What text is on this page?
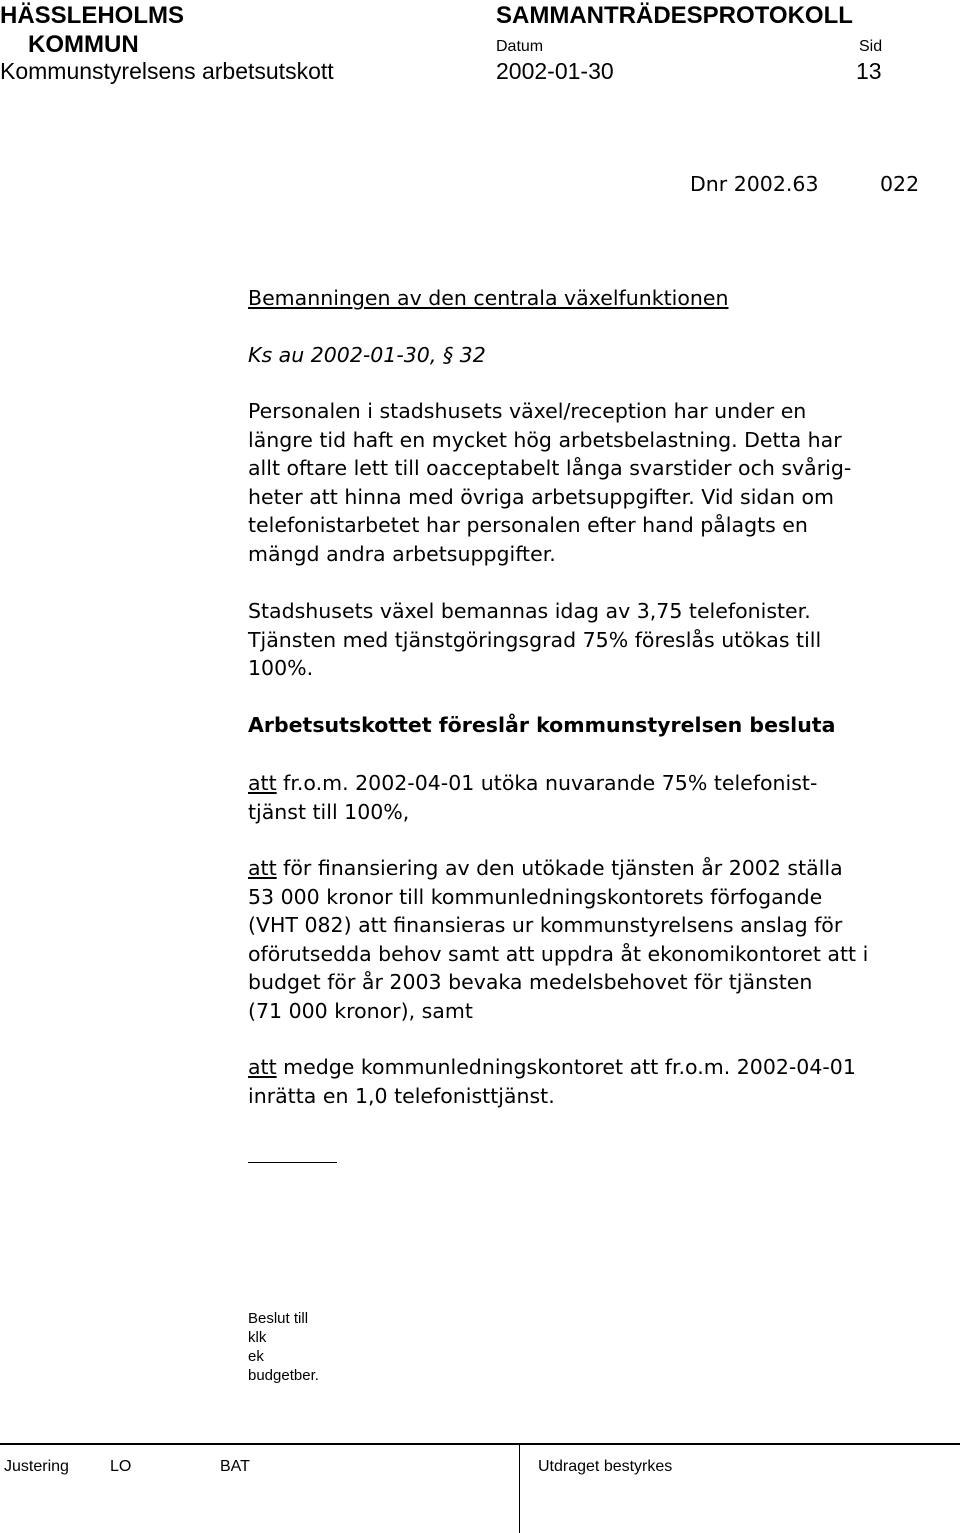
HÄSSLEHOLMS
KOMMUN
SAMMANTRÄDESPROTOKOLL
Datum	Sid
Kommunstyrelsens arbetsutskott	2002-01-30	13
Dnr 2002.63	022
Bemanningen av den centrala växelfunktionen
Ks au 2002-01-30, § 32
Personalen i stadshusets växel/reception har under en
längre tid haft en mycket hög arbetsbelastning. Detta har
allt oftare lett till oacceptabelt långa svarstider och svårig-
heter att hinna med övriga arbetsuppgifter. Vid sidan om
telefonistarbetet har personalen efter hand pålagts en
mängd andra arbetsuppgifter.
Stadshusets växel bemannas idag av 3,75 telefonister.
Tjänsten med tjänstgöringsgrad 75% föreslås utökas till
100%.
Arbetsutskottet föreslår kommunstyrelsen besluta
att fr.o.m. 2002-04-01 utöka nuvarande 75% telefonist-
tjänst till 100%,
att för finansiering av den utökade tjänsten år 2002 ställa
53 000 kronor till kommunledningskontorets förfogande
(VHT 082) att finansieras ur kommunstyrelsens anslag för
oförutsedda behov samt att uppdra åt ekonomikontoret att i
budget för år 2003 bevaka medelsbehovet för tjänsten
(71 000 kronor), samt
att medge kommunledningskontoret att fr.o.m. 2002-04-01
inrätta en 1,0 telefonisttjänst.
Beslut till
klk
ek
budgetber.
Justering	LO	BAT	Utdraget bestyrkes
